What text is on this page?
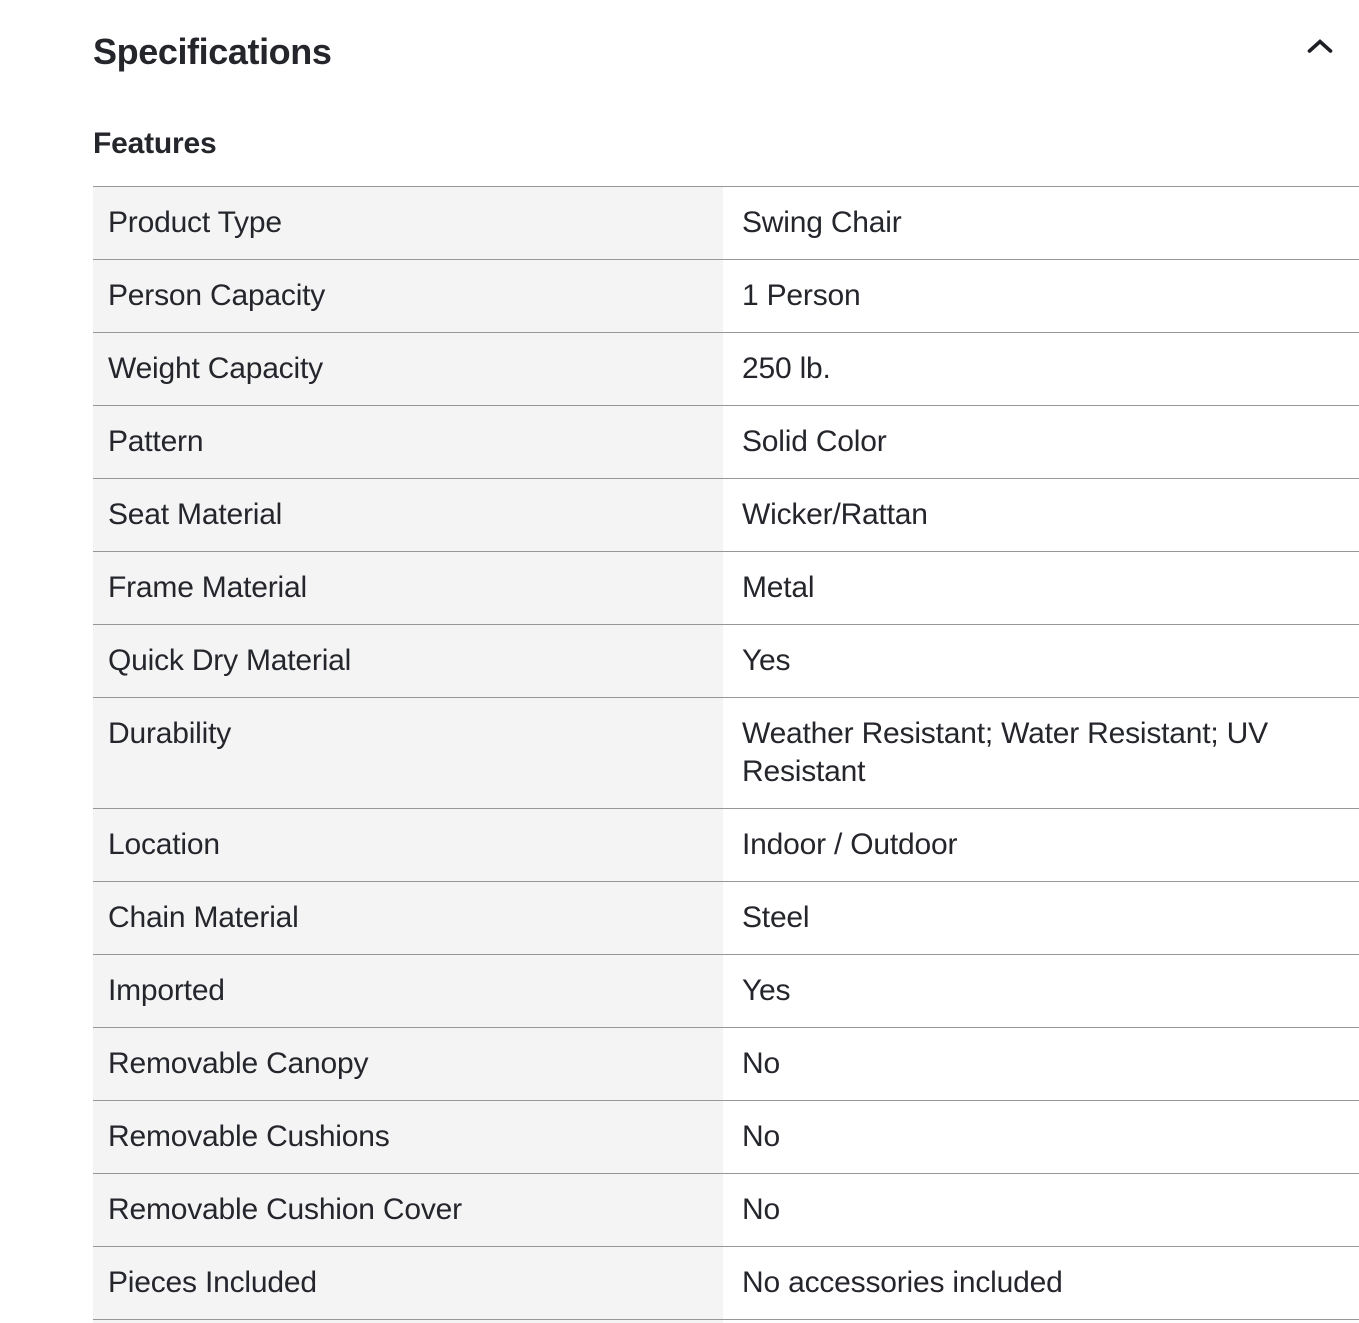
Specifications
Features
Product Type	Swing Chair
Person Capacity	1 Person
Weight Capacity	250 lb.
Pattern	Solid Color
Seat Material	Wicker/Rattan
Frame Material	Metal
Quick Dry Material	Yes
Durability	Weather Resistant; Water Resistant; UV Resistant
Location	Indoor / Outdoor
Chain Material	Steel
Imported	Yes
Removable Canopy	No
Removable Cushions	No
Removable Cushion Cover	No
Pieces Included	No accessories included
